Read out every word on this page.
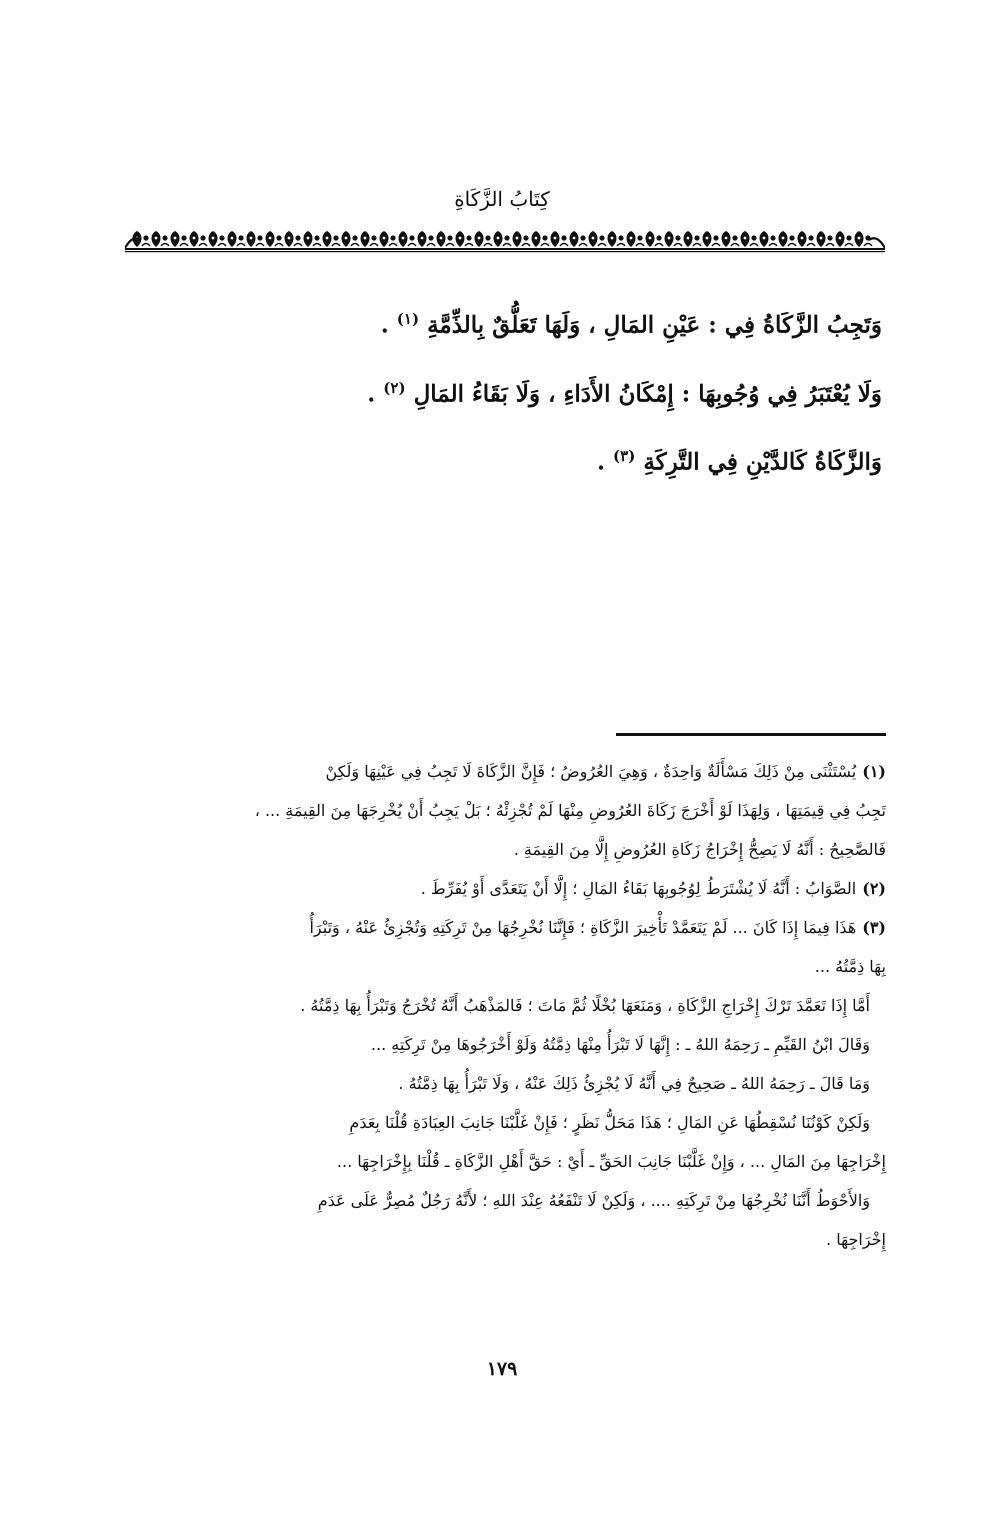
كِتَابُ الزَّكَاةِ
وَتَجِبُ الزَّكَاةُ فِي : عَيْنِ المَالِ ، وَلَهَا تَعَلُّقٌ بِالذِّمَّةِ $^{(١)}$ .
وَلَا يُعْتَبَرُ فِي وُجُوبِهَا : إِمْكَانُ الأَدَاءِ ، وَلَا بَقَاءُ المَالِ $^{(٢)}$ .
وَالزَّكَاةُ كَالدَّيْنِ فِي التَّرِكَةِ $^{(٣)}$ .
(١)يُسْتَثْنَى مِنْ ذَلِكَ مَسْأَلَةٌ وَاحِدَةٌ ، وَهِيَ العُرُوضُ ؛ فَإِنَّ الزَّكَاةَ لَا تَجِبُ فِي عَيْنِهَا وَلَكِنْ
تَجِبُ فِي قِيمَتِهَا ، وَلِهَذَا لَوْ أَخْرَجَ زَكَاةَ العُرُوضِ مِنْهَا لَمْ تُجْزِئْهُ ؛ بَلْ يَجِبُ أَنْ يُخْرِجَهَا مِنَ القِيمَةِ ... ،
فَالصَّحِيحُ : أَنَّهُ لَا يَصِحُّ إِخْرَاجُ زَكَاةِ العُرُوضِ إِلَّا مِنَ القِيمَةِ .
(٢)الصَّوَابُ : أَنَّهُ لَا يُشْتَرَطُ لِوُجُوبِهَا بَقَاءُ المَالِ ؛ إِلَّا أَنْ يَتَعَدَّى أَوْ يُفَرِّطَ .
(٣)هَذَا فِيمَا إِذَا كَانَ ... لَمْ يَتَعَمَّدْ تَأْخِيرَ الزَّكَاةِ ؛ فَإِنَّنَا نُخْرِجُهَا مِنْ تَرِكَتِهِ وَتُجْزِئُ عَنْهُ ، وَتَبْرَأُ
بِهَا ذِمَّتُهُ ...
أَمَّا إِذَا تَعَمَّدَ تَرْكَ إِخْرَاجِ الزَّكَاةِ ، وَمَنَعَهَا بُخْلًا ثُمَّ مَاتَ ؛ فَالمَذْهَبُ أَنَّهُ تُخْرَجُ وَتَبْرَأُ بِهَا ذِمَّتُهُ .
وَقَالَ ابْنُ القَيِّمِ ـ رَحِمَهُ اللهُ ـ : إِنَّهَا لَا تَبْرَأُ مِنْهَا ذِمَّتُهُ وَلَوْ أَخْرَجُوهَا مِنْ تَرِكَتِهِ ...
وَمَا قَالَ ـ رَحِمَهُ اللهُ ـ صَحِيحٌ فِي أَنَّهُ لَا يُجْزِئُ ذَلِكَ عَنْهُ ، وَلَا تَبْرَأُ بِهَا ذِمَّتُهُ .
وَلَكِنْ كَوْنُنَا نُسْقِطُهَا عَنِ المَالِ ؛ هَذَا مَحَلُّ نَظَرٍ ؛ فَإِنْ غَلَّبْنَا جَانِبَ العِبَادَةِ قُلْنَا بِعَدَمِ
إِخْرَاجِهَا مِنَ المَالِ ... ، وَإِنْ غَلَّبْنَا جَانِبَ الحَقِّ ـ أَيْ : حَقَّ أَهْلِ الزَّكَاةِ ـ قُلْنَا بِإِخْرَاجِهَا ...
وَالأَحْوَطُ أَنَّنَا نُخْرِجُهَا مِنْ تَرِكَتِهِ .... ، وَلَكِنْ لَا تَنْفَعُهُ عِنْدَ اللهِ ؛ لأَنَّهُ رَجُلٌ مُصِرٌّ عَلَى عَدَمِ
إِخْرَاجِهَا .
١٧٩
